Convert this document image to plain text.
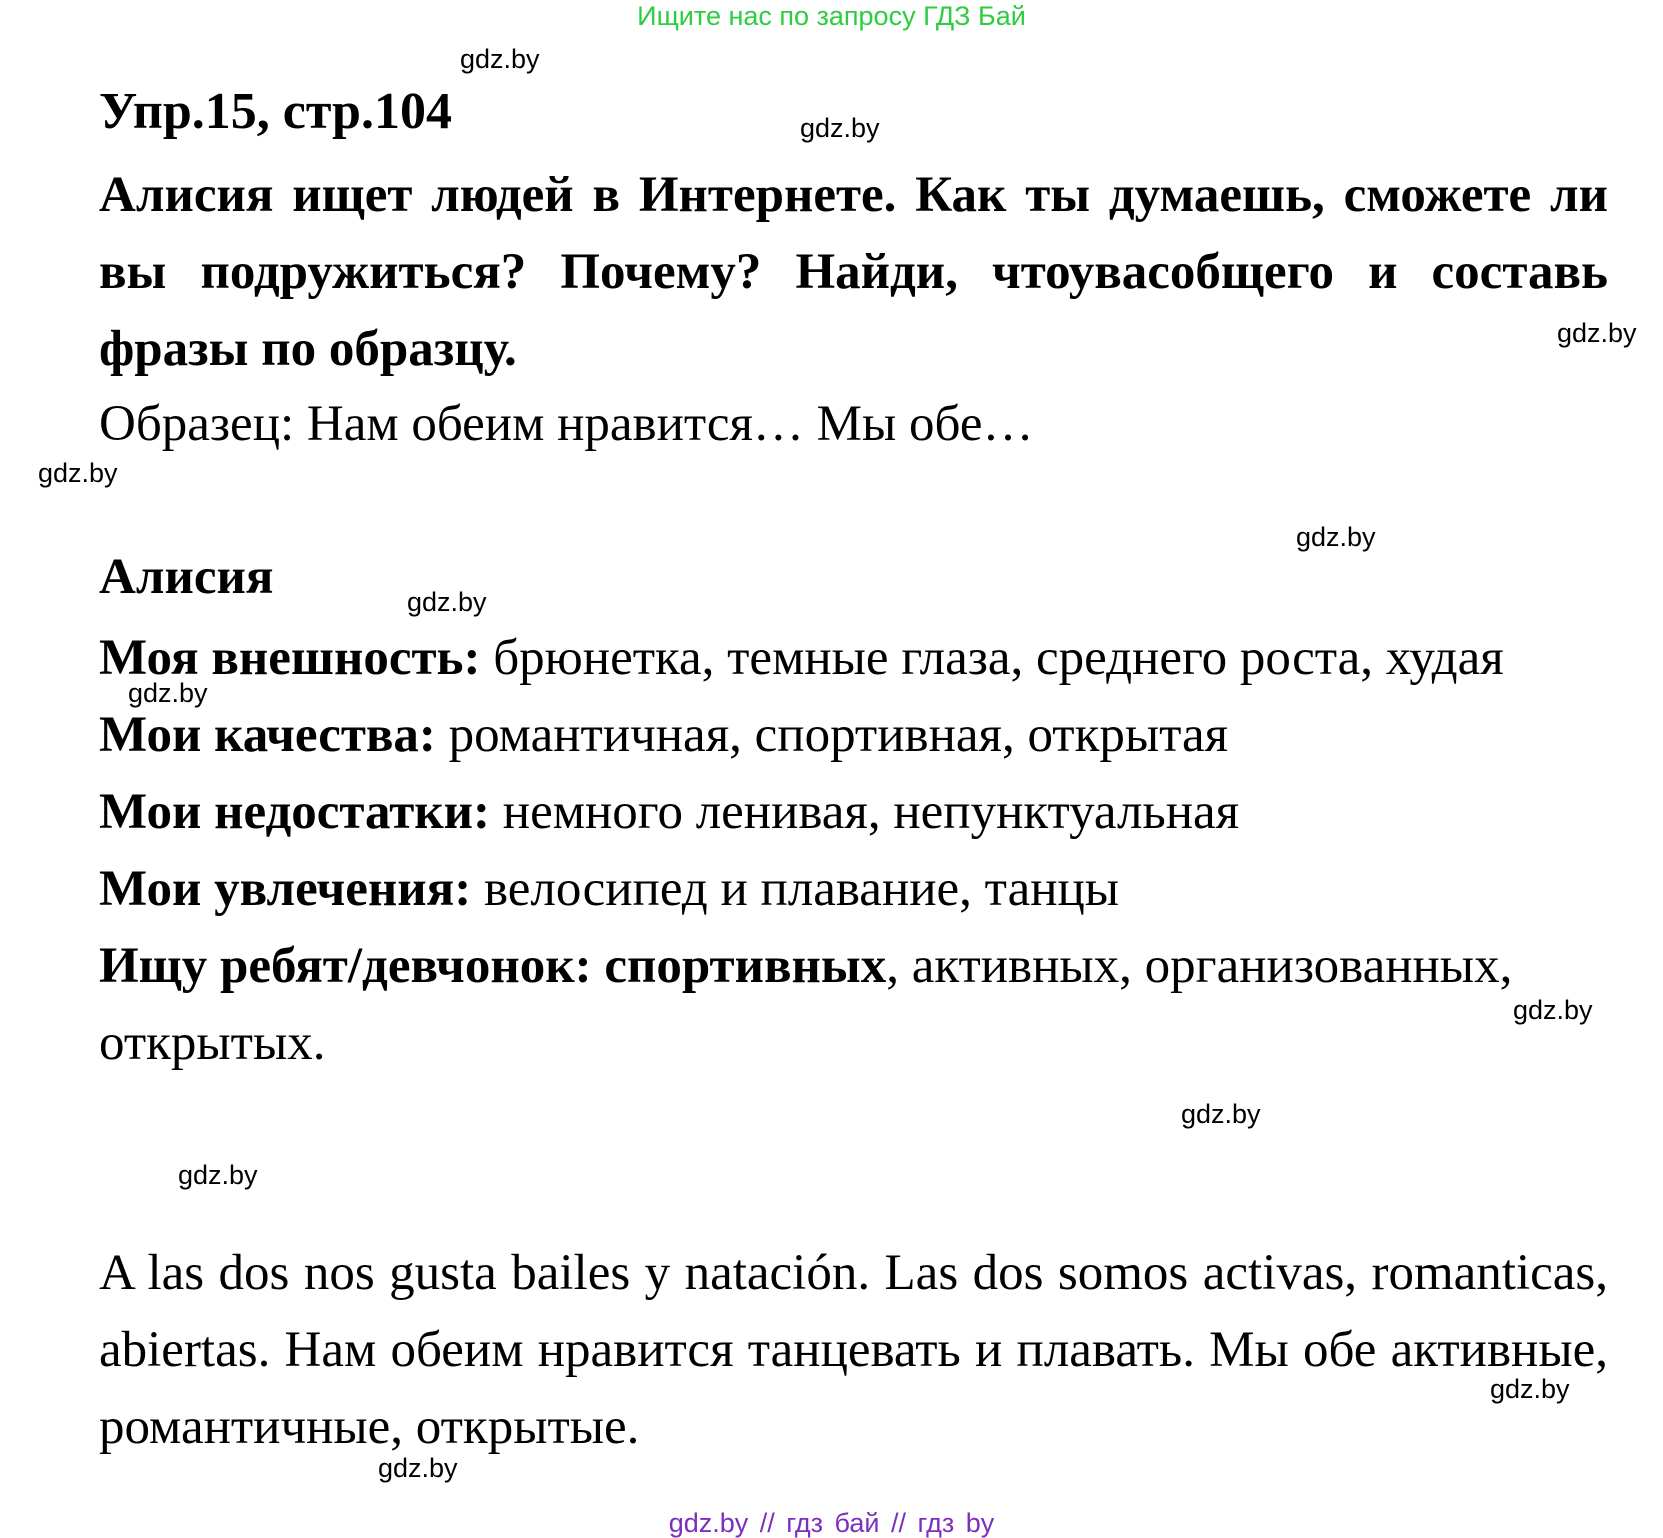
Ищите нас по запросу ГДЗ Бай
Упр.15, стр.104

Алисия ищет людей в Интернете. Как ты думаешь, сможете ли вы подружиться? Почему? Найди, чтоувасобщего и составь фразы по образцу.

Образец: Нам обеим нравится… Мы обе…
Алисия
Моя внешность: брюнетка, темные глаза, среднего роста, худая
Мои качества: романтичная, спортивная, открытая
Мои недостатки: немного ленивая, непунктуальная
Мои увлечения: велосипед и плавание, танцы
Ищу ребят/девчонок: спортивных, активных, организованных, открытых.

A las dos nos gusta bailes y natación. Las dos somos activas, romanticas, abiertas. Нам обеим нравится танцевать и плавать. Мы обе активные, романтичные, открытые.

gdz.by
gdz.by
gdz.by
gdz.by
gdz.by
gdz.by
gdz.by
gdz.by
gdz.by
gdz.by
gdz.by
gdz.by
gdz.by // гдз бай // гдз by
